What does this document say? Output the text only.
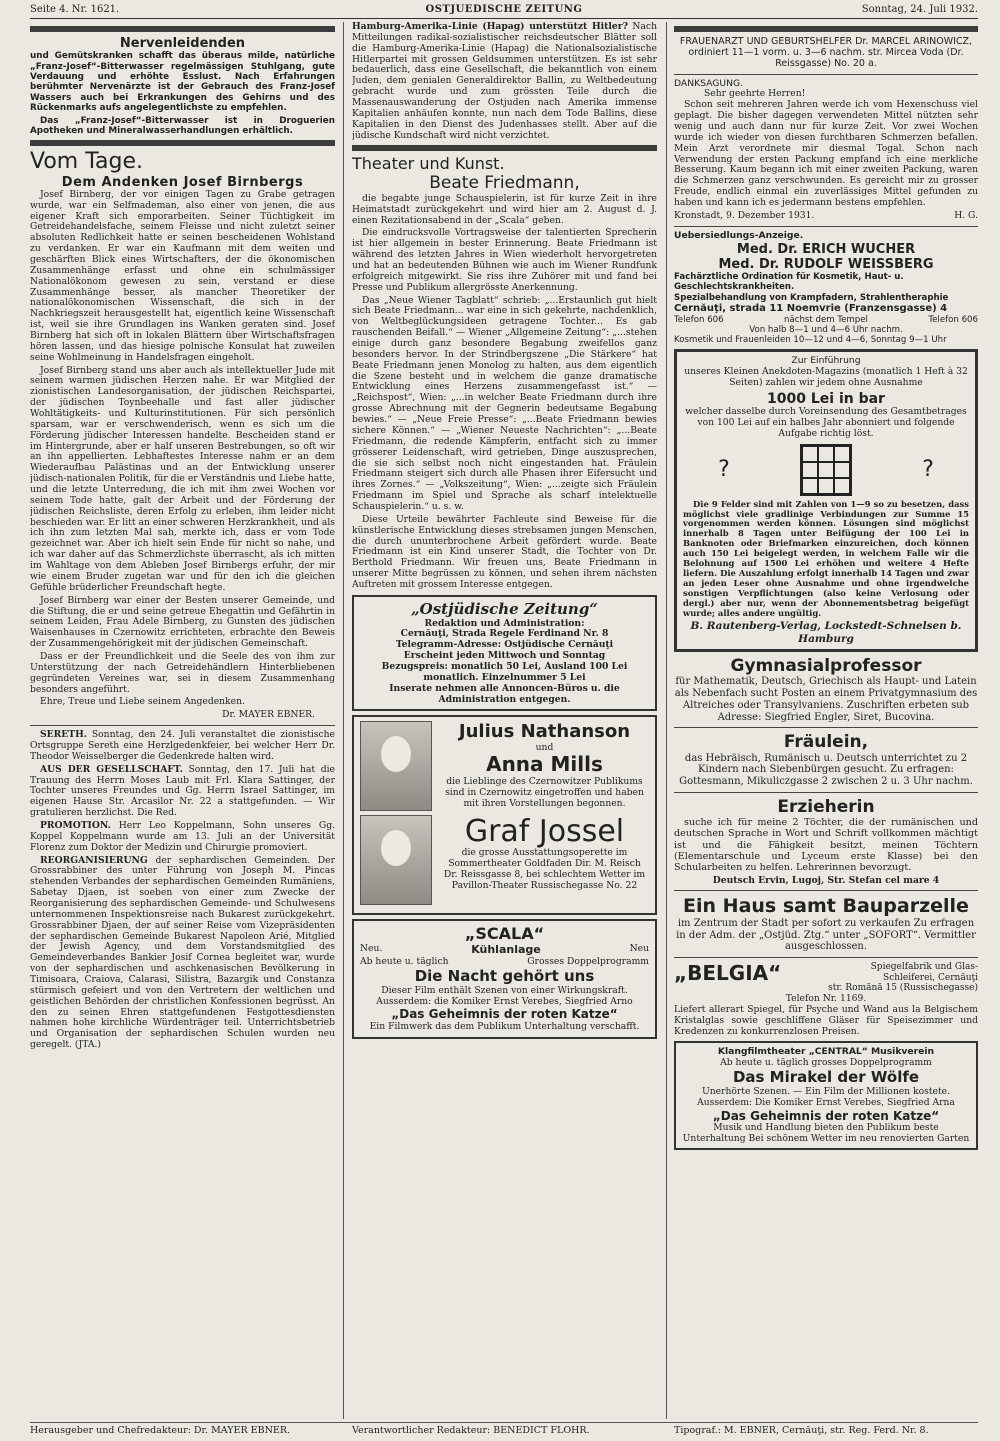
Seite 4. Nr. 1621.	OSTJUEDISCHE ZEITUNG	Sonntag, 24. Juli 1932.
Nervenleidenden

und Gemütskranken schafft das überaus milde, natürliche „Franz-Josef“-Bitterwasser regelmässigen Stuhlgang, gute Verdauung und erhöhte Esslust. Nach Erfahrungen berühmter Nervenärzte ist der Gebrauch des Franz-Josef Wassers auch bei Erkrankungen des Gehirns und des Rückenmarks aufs angelegentlichste zu empfehlen.

Das „Franz-Josef“-Bitterwasser ist in Droguerien Apotheken und Mineralwasserhandlungen erhältlich.

Vom Tage.
Dem Andenken Josef Birnbergs

Josef Birnberg, der vor einigen Tagen zu Grabe getragen wurde, war ein Selfmademan, also einer von jenen, die aus eigener Kraft sich emporarbeiten. Seiner Tüchtigkeit im Getreidehandelsfache, seinem Fleisse und nicht zuletzt seiner absoluten Redlichkeit hatte er seinen bescheidenen Wohlstand zu verdanken. Er war ein Kaufmann mit dem weiten und geschärften Blick eines Wirtschafters, der die ökonomischen Zusammenhänge erfasst und ohne ein schulmässiger Nationalökonom gewesen zu sein, verstand er diese Zusammenhänge besser, als mancher Theoretiker der nationalökonomischen Wissenschaft, die sich in der Nachkriegszeit herausgestellt hat, eigentlich keine Wissenschaft ist, weil sie ihre Grundlagen ins Wanken geraten sind. Josef Birnberg hat sich oft in lokalen Blättern über Wirtschaftsfragen hören lassen, und das hiesige polnische Konsulat hat zuweilen seine Wohlmeinung in Handelsfragen eingeholt.

Josef Birnberg stand uns aber auch als intellektueller Jude mit seinem warmen jüdischen Herzen nahe. Er war Mitglied der zionistischen Landesorganisation, der jüdischen Reichspartei, der jüdischen Toynbeehalle und fast aller jüdischer Wohltätigkeits- und Kulturinstitutionen. Für sich persönlich sparsam, war er verschwenderisch, wenn es sich um die Förderung jüdischer Interessen handelte. Bescheiden stand er im Hintergrunde, aber er half unseren Bestrebungen, so oft wir an ihn appellierten. Lebhaftestes Interesse nahm er an dem Wiederaufbau Palästinas und an der Entwicklung unserer jüdisch-nationalen Politik, für die er Verständnis und Liebe hatte, und die letzte Unterredung, die ich mit ihm zwei Wochen vor seinem Tode hatte, galt der Arbeit und der Förderung der jüdischen Reichsliste, deren Erfolg zu erleben, ihm leider nicht beschieden war. Er litt an einer schweren Herzkrankheit, und als ich ihn zum letzten Mal sah, merkte ich, dass er vom Tode gezeichnet war. Aber ich hielt sein Ende für nicht so nahe, und ich war daher auf das Schmerzlichste überrascht, als ich mitten im Wahltage von dem Ableben Josef Birnbergs erfuhr, der mir wie einem Bruder zugetan war und für den ich die gleichen Gefühle brüderlicher Freundschaft hegte.

Josef Birnberg war einer der Besten unserer Gemeinde, und die Stiftung, die er und seine getreue Ehegattin und Gefährtin in seinem Leiden, Frau Adele Birnberg, zu Gunsten des jüdischen Waisenhauses in Czernowitz errichteten, erbrachte den Beweis der Zusammengehörigkeit mit der jüdischen Gemeinschaft.

Dass er der Freundlichkeit und die Seele des von ihm zur Unterstützung der nach Getreidehändlern Hinterbliebenen gegründeten Vereines war, sei in diesem Zusammenhang besonders angeführt.

Ehre, Treue und Liebe seinem Angedenken.

Dr. MAYER EBNER.

SERETH. Sonntag, den 24. Juli veranstaltet die zionistische Ortsgruppe Sereth eine Herzlgedenkfeier, bei welcher Herr Dr. Theodor Weisselberger die Gedenkrede halten wird.

AUS DER GESELLSCHAFT. Sonntag, den 17. Juli hat die Trauung des Herrn Moses Laub mit Frl. Klara Sattinger, der Tochter unseres Freundes und Gg. Herrn Israel Sattinger, im eigenen Hause Str. Arcasilor Nr. 22 a stattgefunden. — Wir gratulieren herzlichst. Die Red.

PROMOTION. Herr Leo Koppelmann, Sohn unseres Gg. Koppel Koppelmann wurde am 13. Juli an der Universität Florenz zum Doktor der Medizin und Chirurgie promoviert.

REORGANISIERUNG der sephardischen Gemeinden. Der Grossrabbiner des unter Führung von Joseph M. Pincas stehenden Verbandes der sephardischen Gemeinden Rumäniens, Sabetay Djaen, ist soeben von einer zum Zwecke der Reorganisierung des sephardischen Gemeinde- und Schulwesens unternommenen Inspektionsreise nach Bukarest zurückgekehrt. Grossrabbiner Djaen, der auf seiner Reise vom Vizepräsidenten der sephardischen Gemeinde Bukarest Napoleon Arié, Mitglied der Jewish Agency, und dem Vorstandsmitglied des Gemeindeverbandes Bankier Josif Cornea begleitet war, wurde von der sephardischen und aschkenasischen Bevölkerung in Timisoara, Craiova, Calarasi, Silistra, Bazargik und Constanza stürmisch gefeiert und von den Vertretern der weltlichen und geistlichen Behörden der christlichen Konfessionen begrüsst. An den zu seinen Ehren stattgefundenen Festgottesdiensten nahmen hohe kirchliche Würdenträger teil. Unterrichtsbetrieb und Organisation der sephardischen Schulen wurden neu geregelt. (JTA.)

Hamburg-Amerika-Linie (Hapag) unterstützt Hitler? Nach Mitteilungen radikal-sozialistischer reichsdeutscher Blätter soll die Hamburg-Amerika-Linie (Hapag) die Nationalsozialistische Hitlerpartei mit grossen Geldsummen unterstützen. Es ist sehr bedauerlich, dass eine Gesellschaft, die bekanntlich von einem Juden, dem genialen Generaldirektor Ballin, zu Weltbedeutung gebracht wurde und zum grössten Teile durch die Massenauswanderung der Ostjuden nach Amerika immense Kapitalien anhäufen konnte, nun nach dem Tode Ballins, diese Kapitalien in den Dienst des Judenhasses stellt. Aber auf die jüdische Kundschaft wird nicht verzichtet.

Theater und Kunst.
Beate Friedmann,

die begabte junge Schauspielerin, ist für kurze Zeit in ihre Heimatstadt zurückgekehrt und wird hier am 2. August d. J. einen Rezitationsabend in der „Scala“ geben.

Die eindrucksvolle Vortragsweise der talentierten Sprecherin ist hier allgemein in bester Erinnerung. Beate Friedmann ist während des letzten Jahres in Wien wiederholt hervorgetreten und hat an bedeutenden Bühnen wie auch im Wiener Rundfunk erfolgreich mitgewirkt. Sie riss ihre Zuhörer mit und fand bei Presse und Publikum allergrösste Anerkennung.

Das „Neue Wiener Tagblatt“ schrieb: „...Erstaunlich gut hielt sich Beate Friedmann... war eine in sich gekehrte, nachdenklich, von Weltbeglückungsideen getragene Tochter... Es gab rauschenden Beifall.“ — Wiener „Allgemeine Zeitung“: „...stehen einige durch ganz besondere Begabung zweifellos ganz besonders hervor. In der Strindbergszene „Die Stärkere“ hat Beate Friedmann jenen Monolog zu halten, aus dem eigentlich die Szene besteht und in welchem die ganze dramatische Entwicklung eines Herzens zusammengefasst ist.“ — „Reichspost“, Wien: „...in welcher Beate Friedmann durch ihre grosse Abrechnung mit der Gegnerin bedeutsame Begabung bewies.“ — „Neue Freie Presse“: „...Beate Friedmann bewies sichere Können.“ — „Wiener Neueste Nachrichten“: „...Beate Friedmann, die redende Kämpferin, entfacht sich zu immer grösserer Leidenschaft, wird getrieben, Dinge auszusprechen, die sie sich selbst noch nicht eingestanden hat. Fräulein Friedmann steigert sich durch alle Phasen ihrer Eifersucht und ihres Zornes.“ — „Volkszeitung“, Wien: „...zeigte sich Fräulein Friedmann im Spiel und Sprache als scharf intelektuelle Schauspielerin.“ u. s. w.

Diese Urteile bewährter Fachleute sind Beweise für die künstlerische Entwicklung dieses strebsamen jungen Menschen, die durch ununterbrochene Arbeit gefördert wurde. Beate Friedmann ist ein Kind unserer Stadt, die Tochter von Dr. Berthold Friedmann. Wir freuen uns, Beate Friedmann in unserer Mitte begrüssen zu können, und sehen ihrem nächsten Auftreten mit grossem Interesse entgegen.

„Ostjüdische Zeitung“
Redaktion und Administration:
Cernăuţi, Strada Regele Ferdinand Nr. 8
Telegramm-Adresse: Ostjüdische Cernăuţi
Erscheint jeden Mittwoch und Sonntag
Bezugspreis: monatlich 50 Lei, Ausland 100 Lei monatlich. Einzelnummer 5 Lei
Inserate nehmen alle Annoncen-Büros u. die Administration entgegen.
Julius Nathanson
und
Anna Mills

die Lieblinge des Czernowitzer Publikums sind in Czernowitz eingetroffen und haben mit ihren Vorstellungen begonnen.

Graf Jossel

die grosse Ausstattungsoperette im Sommertheater Goldfaden Dir. M. Reisch Dr. Reissgasse 8, bei schlechtem Wetter im Pavillon-Theater Russischegasse No. 22

„SCALA“
Neu.	Kühlanlage	Neu
Ab heute u. täglich	Grosses Doppelprogramm
Die Nacht gehört uns
Dieser Film enthält Szenen von einer Wirkungskraft. Ausserdem: die Komiker Ernst Verebes, Siegfried Arno
„Das Geheimnis der roten Katze“
Ein Filmwerk das dem Publikum Unterhaltung verschafft.
FRAUENARZT UND GEBURTSHELFER Dr. MARCEL ARINOWICZ, ordiniert 11—1 vorm. u. 3—6 nachm. str. Mircea Voda (Dr. Reissgasse) No. 20 a.
DANKSAGUNG.
Sehr geehrte Herren!

Schon seit mehreren Jahren werde ich vom Hexenschuss viel geplagt. Die bisher dagegen verwendeten Mittel nützten sehr wenig und auch dann nur für kurze Zeit. Vor zwei Wochen wurde ich wieder von diesen furchtbaren Schmerzen befallen. Mein Arzt verordnete mir diesmal Togal. Schon nach Verwendung der ersten Packung empfand ich eine merkliche Besserung. Kaum begann ich mit einer zweiten Packung, waren die Schmerzen ganz verschwunden. Es gereicht mir zu grosser Freude, endlich einmal ein zuverlässiges Mittel gefunden zu haben und kann ich es jedermann bestens empfehlen.

Kronstadt, 9. Dezember 1931.	H. G.
Uebersiedlungs-Anzeige.
Med. Dr. ERICH WUCHER
Med. Dr. RUDOLF WEISSBERG
Fachärztliche Ordination für Kosmetik, Haut- u. Geschlechtskrankheiten.
Spezialbehandlung von Krampfadern, Strahlentheraphie
Cernăuţi, strada 11 Noemvrie (Franzensgasse) 4
Telefon 606	nächst dem Tempel	Telefon 606
Von halb 8—1 und 4—6 Uhr nachm.
Kosmetik und Frauenleiden 10—12 und 4—6, Sonntag 9—1 Uhr
Zur Einführung

unseres Kleinen Anekdoten-Magazins (monatlich 1 Heft à 32 Seiten) zahlen wir jedem ohne Ausnahme

1000 Lei in bar

welcher dasselbe durch Voreinsendung des Gesamtbetrages von 100 Lei auf ein halbes Jahr abonniert und folgende Aufgabe richtig löst.

?	?

Die 9 Felder sind mit Zahlen von 1—9 so zu besetzen, dass möglichst viele gradlinige Verbindungen zur Summe 15 vorgenommen werden können. Lösungen sind möglichst innerhalb 8 Tagen unter Beifügung der 100 Lei in Banknoten oder Briefmarken einzureichen, doch können auch 150 Lei beigelegt werden, in welchem Falle wir die Belohnung auf 1500 Lei erhöhen und weitere 4 Hefte liefern. Die Auszahlung erfolgt innerhalb 14 Tagen und zwar an jeden Leser ohne Ausnahme und ohne irgendwelche sonstigen Verpflichtungen (also keine Verlosung oder dergl.) aber nur, wenn der Abonnementsbetrag beigefügt wurde; alles andere ungültig.

B. Rautenberg-Verlag, Lockstedt-Schnelsen b. Hamburg
Gymnasialprofessor

für Mathematik, Deutsch, Griechisch als Haupt- und Latein als Nebenfach sucht Posten an einem Privatgymnasium des Altreiches oder Transylvaniens. Zuschriften erbeten sub Adresse: Siegfried Engler, Siret, Bucovina.

Fräulein,

das Hebräisch, Rumänisch u. Deutsch unterrichtet zu 2 Kindern nach Siebenbürgen gesucht. Zu erfragen: Gottesmann, Mikuliczgasse 2 zwischen 2 u. 3 Uhr nachm.

Erzieherin

suche ich für meine 2 Töchter, die der rumänischen und deutschen Sprache in Wort und Schrift vollkommen mächtigt ist und die Fähigkeit besitzt, meinen Töchtern (Elementarschule und Lyceum erste Klasse) bei den Schularbeiten zu helfen. Lehrerinnen bevorzugt.

Deutsch Ervin, Lugoj, Str. Stefan cel mare 4
Ein Haus samt Bauparzelle

im Zentrum der Stadt per sofort zu verkaufen Zu erfragen in der Adm. der „Ostjüd. Ztg.“ unter „SOFORT“. Vermittler ausgeschlossen.

„BELGIA“	Spiegelfabrik und Glas-
Schleiferei, Cernăuţi
str. Romănă 15 (Russischegasse)
Telefon Nr. 1169.

Liefert allerart Spiegel, für Psyche und Wand aus la Belgischem Kristalglas sowie geschliffene Gläser für Speisezimmer und Kredenzen zu konkurrenzlosen Preisen.

Klangfilmtheater „CENTRAL“ Musikverein
Ab heute u. täglich grosses Doppelprogramm
Das Mirakel der Wölfe
Unerhörte Szenen. — Ein Film der Millionen kostete. Ausserdem: Die Komiker Ernst Verebes, Siegfried Arna
„Das Geheimnis der roten Katze“
Musik und Handlung bieten den Publikum beste Unterhaltung Bei schönem Wetter im neu renovierten Garten
Herausgeber und Chefredakteur: Dr. MAYER EBNER.	Verantwortlicher Redakteur: BENEDICT FLOHR.	Tipograf.: M. EBNER, Cernăuţi, str. Reg. Ferd. Nr. 8.
